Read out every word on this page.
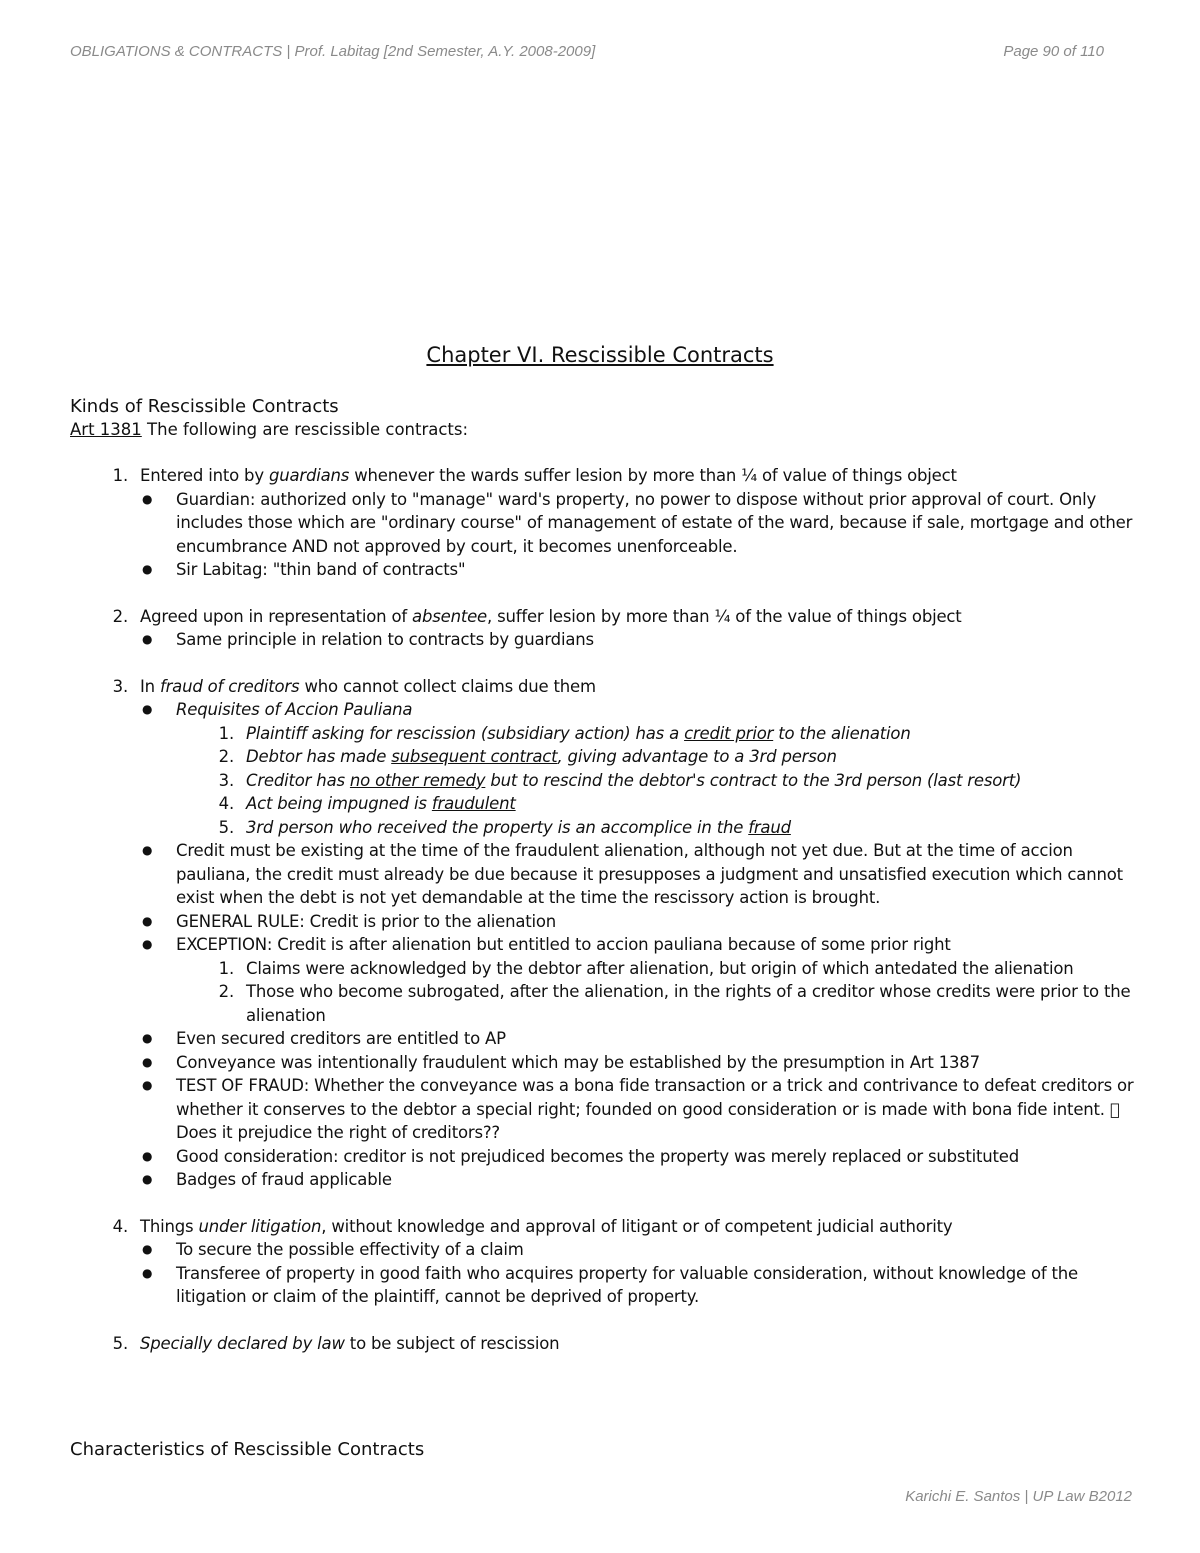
OBLIGATIONS & CONTRACTS | Prof. Labitag [2nd Semester, A.Y. 2008-2009]	Page 90 of 110
Chapter VI. Rescissible Contracts
Kinds of Rescissible Contracts
Art 1381 The following are rescissible contracts:
1. Entered into by guardians whenever the wards suffer lesion by more than ¼ of value of things object
●	Guardian: authorized only to "manage" ward's property, no power to dispose without prior approval of court. Only includes those which are "ordinary course" of management of estate of the ward, because if sale, mortgage and other encumbrance AND not approved by court, it becomes unenforceable.
●	Sir Labitag: "thin band of contracts"
2. Agreed upon in representation of absentee, suffer lesion by more than ¼ of the value of things object
●	Same principle in relation to contracts by guardians
3. In fraud of creditors who cannot collect claims due them
●	Requisites of Accion Pauliana
1. Plaintiff asking for rescission (subsidiary action) has a credit prior to the alienation
2. Debtor has made subsequent contract, giving advantage to a 3rd person
3. Creditor has no other remedy but to rescind the debtor's contract to the 3rd person (last resort)
4. Act being impugned is fraudulent
5. 3rd person who received the property is an accomplice in the fraud
●	Credit must be existing at the time of the fraudulent alienation, although not yet due. But at the time of accion pauliana, the credit must already be due because it presupposes a judgment and unsatisfied execution which cannot exist when the debt is not yet demandable at the time the rescissory action is brought.
●	GENERAL RULE: Credit is prior to the alienation
●	EXCEPTION: Credit is after alienation but entitled to accion pauliana because of some prior right
1. Claims were acknowledged by the debtor after alienation, but origin of which antedated the alienation
2. Those who become subrogated, after the alienation, in the rights of a creditor whose credits were prior to the alienation
●	Even secured creditors are entitled to AP
●	Conveyance was intentionally fraudulent which may be established by the presumption in Art 1387
●	TEST OF FRAUD: Whether the conveyance was a bona fide transaction or a trick and contrivance to defeat creditors or whether it conserves to the debtor a special right; founded on good consideration or is made with bona fide intent. Does it prejudice the right of creditors??
●	Good consideration: creditor is not prejudiced becomes the property was merely replaced or substituted
●	Badges of fraud applicable
4. Things under litigation, without knowledge and approval of litigant or of competent judicial authority
●	To secure the possible effectivity of a claim
●	Transferee of property in good faith who acquires property for valuable consideration, without knowledge of the litigation or claim of the plaintiff, cannot be deprived of property.
5. Specially declared by law to be subject of rescission
Characteristics of Rescissible Contracts
Karichi E. Santos | UP Law B2012
